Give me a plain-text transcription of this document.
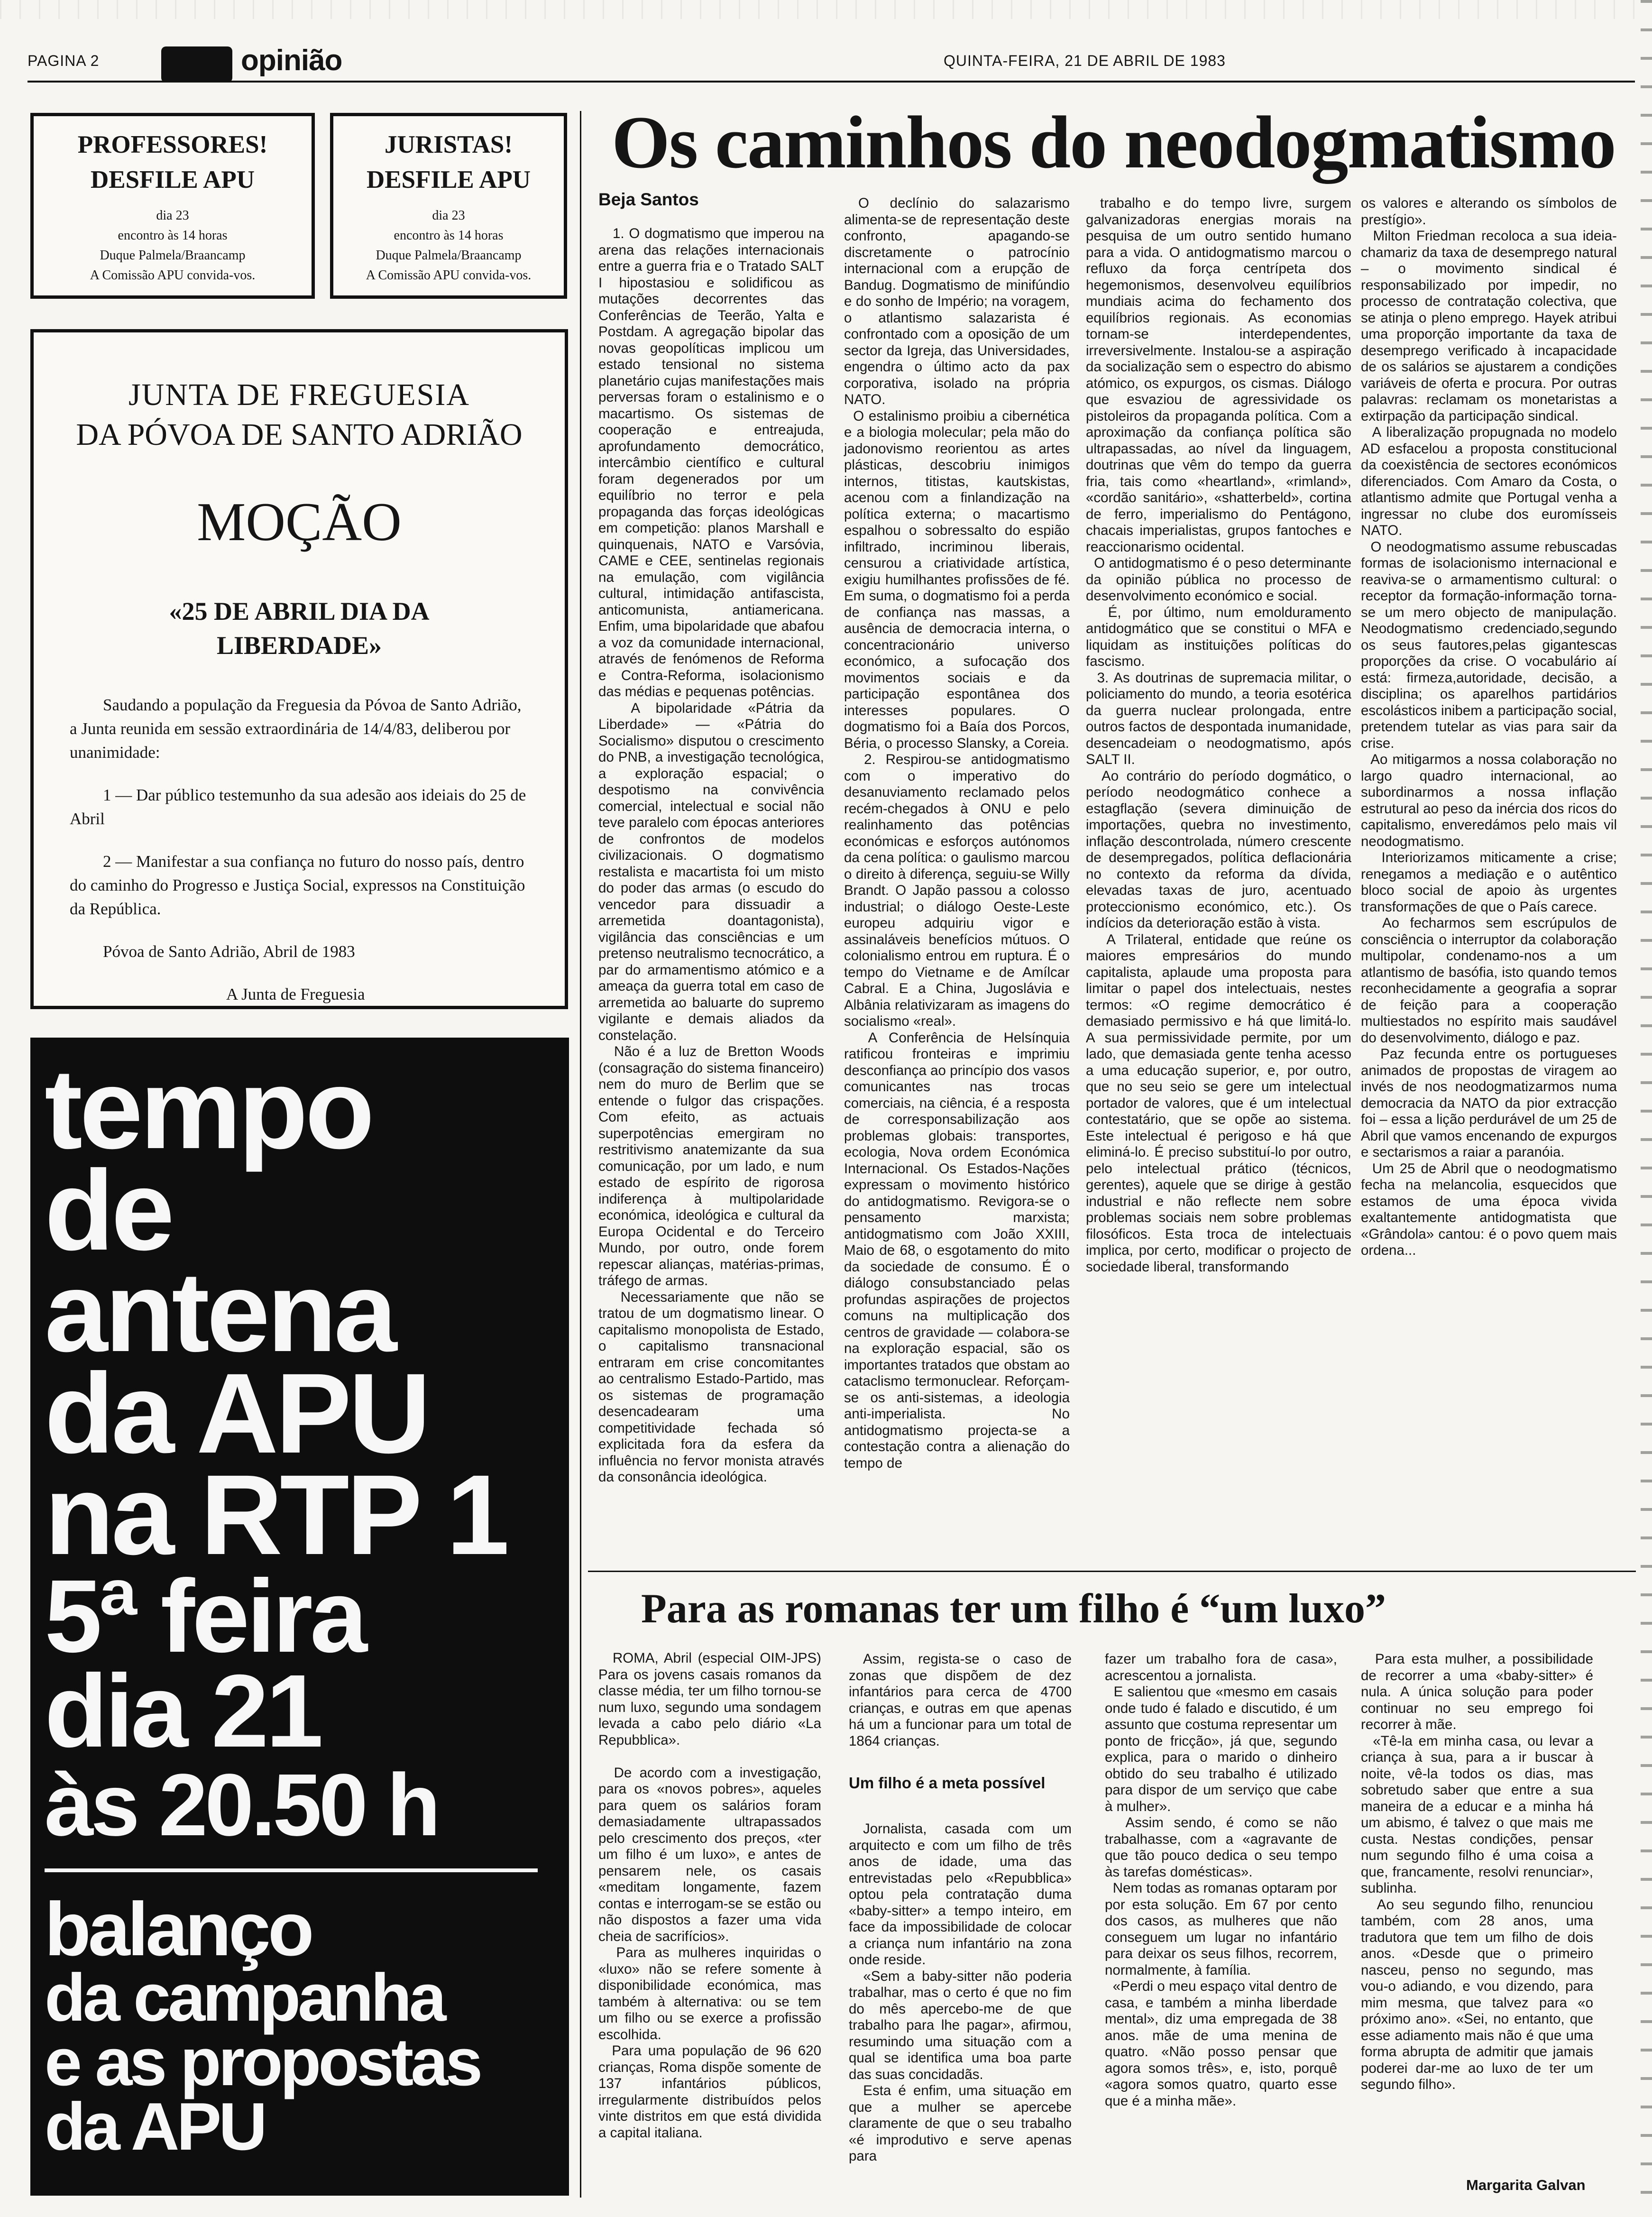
PAGINA 2	opinião	QUINTA-FEIRA, 21 DE ABRIL DE 1983

PROFESSORES!

DESFILE APU

dia 23

encontro às 14 horas

Duque Palmela/Braancamp

A Comissão APU convida-vos.

JURISTAS!

DESFILE APU

dia 23

encontro às 14 horas

Duque Palmela/Braancamp

A Comissão APU convida-vos.

JUNTA DE FREGUESIA

DA PÓVOA DE SANTO ADRIÃO

MOÇÃO

«25 DE ABRIL DIA DA

LIBERDADE»

Saudando a população da Freguesia da Póvoa de Santo Adrião, a Junta reunida em sessão extraordinária de 14/4/83, deliberou por unanimidade:

1 — Dar público testemunho da sua adesão aos ideiais do 25 de Abril

2 — Manifestar a sua confiança no futuro do nosso país, dentro do caminho do Progresso e Justiça Social, expressos na Constituição da República.

Póvoa de Santo Adrião, Abril de 1983

A Junta de Freguesia

tempo
de
antena
da APU
na RTP 1
5ª feira
dia 21
às 20.50 h
balanço
da campanha
e as propostas
da APU
Os caminhos do neodogmatismo
Beja Santos
1. O dogmatismo que imperou na arena das relações internacionais entre a guerra fria e o Tratado SALT I hipostasiou e solidificou as mutações decorrentes das Conferências de Teerão, Yalta e Postdam. A agregação bipolar das novas geopolíticas implicou um estado tensional no sistema planetário cujas manifestações mais perversas foram o estalinismo e o macartismo. Os sistemas de cooperação e entreajuda, aprofundamento democrático, intercâmbio científico e cultural foram degenerados por um equilíbrio no terror e pela propaganda das forças ideológicas em competição: planos Marshall e quinquenais, NATO e Varsóvia, CAME e CEE, sentinelas regionais na emulação, com vigilância cultural, intimidação antifascista, anticomunista, antiamericana. Enfim, uma bipolaridade que abafou a voz da comunidade internacional, através de fenómenos de Reforma e Contra-Reforma, isolacionismo das médias e pequenas potências.
A bipolaridade «Pátria da Liberdade» — «Pátria do Socialismo» disputou o crescimento do PNB, a investigação tecnológica, a exploração espacial; o despotismo na convivência comercial, intelectual e social não teve paralelo com épocas anteriores de confrontos de modelos civilizacionais. O dogmatismo restalista e macartista foi um misto do poder das armas (o escudo do vencedor para dissuadir a arremetida doantagonista), vigilância das consciências e um pretenso neutralismo tecnocrático, a par do armamentismo atómico e a ameaça da guerra total em caso de arremetida ao baluarte do supremo vigilante e demais aliados da constelação.
Não é a luz de Bretton Woods (consagração do sistema financeiro) nem do muro de Berlim que se entende o fulgor das crispações. Com efeito, as actuais superpotências emergiram no restritivismo anatemizante da sua comunicação, por um lado, e num estado de espírito de rigorosa indiferença à multipolaridade económica, ideológica e cultural da Europa Ocidental e do Terceiro Mundo, por outro, onde forem repescar alianças, matérias-primas, tráfego de armas.
Necessariamente que não se tratou de um dogmatismo linear. O capitalismo monopolista de Estado, o capitalismo transnacional entraram em crise concomitantes ao centralismo Estado-Partido, mas os sistemas de programação desencadearam uma competitividade fechada só explicitada fora da esfera da influência no fervor monista através da consonância ideológica.
O declínio do salazarismo alimenta-se de representação deste confronto, apagando-se discretamente o patrocínio internacional com a erupção de Bandug. Dogmatismo de minifúndio e do sonho de Império; na voragem, o atlantismo salazarista é confrontado com a oposição de um sector da Igreja, das Universidades, engendra o último acto da pax corporativa, isolado na própria NATO.
O estalinismo proibiu a cibernética e a biologia molecular; pela mão do jadonovismo reorientou as artes plásticas, descobriu inimigos internos, titistas, kautskistas, acenou com a finlandização na política externa; o macartismo espalhou o sobressalto do espião infiltrado, incriminou liberais, censurou a criatividade artística, exigiu humilhantes profissões de fé. Em suma, o dogmatismo foi a perda de confiança nas massas, a ausência de democracia interna, o concentracionário universo económico, a sufocação dos movimentos sociais e da participação espontânea dos interesses populares. O dogmatismo foi a Baía dos Porcos, Béria, o processo Slansky, a Coreia.
2. Respirou-se antidogmatismo com o imperativo do desanuviamento reclamado pelos recém-chegados à ONU e pelo realinhamento das potências económicas e esforços autónomos da cena política: o gaulismo marcou o direito à diferença, seguiu-se Willy Brandt. O Japão passou a colosso industrial; o diálogo Oeste-Leste europeu adquiriu vigor e assinaláveis benefícios mútuos. O colonialismo entrou em ruptura. É o tempo do Vietname e de Amílcar Cabral. E a China, Jugoslávia e Albânia relativizaram as imagens do socialismo «real».
A Conferência de Helsínquia ratificou fronteiras e imprimiu desconfiança ao princípio dos vasos comunicantes nas trocas comerciais, na ciência, é a resposta de corresponsabilização aos problemas globais: transportes, ecologia, Nova ordem Económica Internacional. Os Estados-Nações expressam o movimento histórico do antidogmatismo. Revigora-se o pensamento marxista; antidogmatismo com João XXIII, Maio de 68, o esgotamento do mito da sociedade de consumo. É o diálogo consubstanciado pelas profundas aspirações de projectos comuns na multiplicação dos centros de gravidade — colabora-se na exploração espacial, são os importantes tratados que obstam ao cataclismo termonuclear. Reforçam-se os anti-sistemas, a ideologia anti-imperialista. No antidogmatismo projecta-se a contestação contra a alienação do tempo de
trabalho e do tempo livre, surgem galvanizadoras energias morais na pesquisa de um outro sentido humano para a vida. O antidogmatismo marcou o refluxo da força centrípeta dos hegemonismos, desenvolveu equilíbrios mundiais acima do fechamento dos equilíbrios regionais. As economias tornam-se interdependentes, irreversivelmente. Instalou-se a aspiração da socialização sem o espectro do abismo atómico, os expurgos, os cismas. Diálogo que esvaziou de agressividade os pistoleiros da propaganda política. Com a aproximação da confiança política são ultrapassadas, ao nível da linguagem, doutrinas que vêm do tempo da guerra fria, tais como «heartland», «rimland», «cordão sanitário», «shatterbeld», cortina de ferro, imperialismo do Pentágono, chacais imperialistas, grupos fantoches e reaccionarismo ocidental.
O antidogmatismo é o peso determinante da opinião pública no processo de desenvolvimento económico e social.
É, por último, num emolduramento antidogmático que se constitui o MFA e liquidam as instituições políticas do fascismo.
3. As doutrinas de supremacia militar, o policiamento do mundo, a teoria esotérica da guerra nuclear prolongada, entre outros factos de despontada inumanidade, desencadeiam o neodogmatismo, após SALT II.
Ao contrário do período dogmático, o período neodogmático conhece a estagflação (severa diminuição de importações, quebra no investimento, inflação descontrolada, número crescente de desempregados, política deflacionária no contexto da reforma da dívida, elevadas taxas de juro, acentuado proteccionismo económico, etc.). Os indícios da deterioração estão à vista.
A Trilateral, entidade que reúne os maiores empresários do mundo capitalista, aplaude uma proposta para limitar o papel dos intelectuais, nestes termos: «O regime democrático é demasiado permissivo e há que limitá-lo. A sua permissividade permite, por um lado, que demasiada gente tenha acesso a uma educação superior, e, por outro, que no seu seio se gere um intelectual portador de valores, que é um intelectual contestatário, que se opõe ao sistema. Este intelectual é perigoso e há que eliminá-lo. É preciso substituí-lo por outro, pelo intelectual prático (técnicos, gerentes), aquele que se dirige à gestão industrial e não reflecte nem sobre problemas sociais nem sobre problemas filosóficos. Esta troca de intelectuais implica, por certo, modificar o projecto de sociedade liberal, transformando
os valores e alterando os símbolos de prestígio».
Milton Friedman recoloca a sua ideia-chamariz da taxa de desemprego natural – o movimento sindical é responsabilizado por impedir, no processo de contratação colectiva, que se atinja o pleno emprego. Hayek atribui uma proporção importante da taxa de desemprego verificado à incapacidade de os salários se ajustarem a condições variáveis de oferta e procura. Por outras palavras: reclamam os monetaristas a extirpação da participação sindical.
A liberalização propugnada no modelo AD esfacelou a proposta constitucional da coexistência de sectores económicos diferenciados. Com Amaro da Costa, o atlantismo admite que Portugal venha a ingressar no clube dos euromísseis NATO.
O neodogmatismo assume rebuscadas formas de isolacionismo internacional e reaviva-se o armamentismo cultural: o receptor da formação-informação torna-se um mero objecto de manipulação. Neodogmatismo credenciado,segundo os seus fautores,pelas gigantescas proporções da crise. O vocabulário aí está: firmeza,autoridade, decisão, a disciplina; os aparelhos partidários escolásticos inibem a participação social, pretendem tutelar as vias para sair da crise.
Ao mitigarmos a nossa colaboração no largo quadro internacional, ao subordinarmos a nossa inflação estrutural ao peso da inércia dos ricos do capitalismo, enveredámos pelo mais vil neodogmatismo.
Interiorizamos miticamente a crise; renegamos a mediação e o autêntico bloco social de apoio às urgentes transformações de que o País carece.
Ao fecharmos sem escrúpulos de consciência o interruptor da colaboração multipolar, condenamo-nos a um atlantismo de basófia, isto quando temos reconhecidamente a geografia a soprar de feição para a cooperação multiestados no espírito mais saudável do desenvolvimento, diálogo e paz.
Paz fecunda entre os portugueses animados de propostas de viragem ao invés de nos neodogmatizarmos numa democracia da NATO da pior extracção foi – essa a lição perdurável de um 25 de Abril que vamos encenando de expurgos e sectarismos a raiar a paranóia.
Um 25 de Abril que o neodogmatismo fecha na melancolia, esquecidos que estamos de uma época vivida exaltantemente antidogmatista que «Grândola» cantou: é o povo quem mais ordena...
Para as romanas ter um filho é “um luxo”
ROMA, Abril (especial OIM-JPS) Para os jovens casais romanos da classe média, ter um filho tornou-se num luxo, segundo uma sondagem levada a cabo pelo diário «La Repubblica».

De acordo com a investigação, para os «novos pobres», aqueles para quem os salários foram demasiadamente ultrapassados pelo crescimento dos preços, «ter um filho é um luxo», e antes de pensarem nele, os casais «meditam longamente, fazem contas e interrogam-se se estão ou não dispostos a fazer uma vida cheia de sacrifícios».
Para as mulheres inquiridas o «luxo» não se refere somente à disponibilidade económica, mas também à alternativa: ou se tem um filho ou se exerce a profissão escolhida.
Para uma população de 96 620 crianças, Roma dispõe somente de 137 infantários públicos, irregularmente distribuídos pelos vinte distritos em que está dividida a capital italiana.
Assim, regista-se o caso de zonas que dispõem de dez infantários para cerca de 4700 crianças, e outras em que apenas há um a funcionar para um total de 1864 crianças.
Um filho é a meta possível
Jornalista, casada com um arquitecto e com um filho de três anos de idade, uma das entrevistadas pelo «Repubblica» optou pela contratação duma «baby-sitter» a tempo inteiro, em face da impossibilidade de colocar a criança num infantário na zona onde reside.
«Sem a baby-sitter não poderia trabalhar, mas o certo é que no fim do mês apercebo-me de que trabalho para lhe pagar», afirmou, resumindo uma situação com a qual se identifica uma boa parte das suas concidadãs.
Esta é enfim, uma situação em que a mulher se apercebe claramente de que o seu trabalho «é improdutivo e serve apenas para
fazer um trabalho fora de casa», acrescentou a jornalista.
E salientou que «mesmo em casais onde tudo é falado e discutido, é um assunto que costuma representar um ponto de fricção», já que, segundo explica, para o marido o dinheiro obtido do seu trabalho é utilizado para dispor de um serviço que cabe à mulher».
Assim sendo, é como se não trabalhasse, com a «agravante de que tão pouco dedica o seu tempo às tarefas domésticas».
Nem todas as romanas optaram por por esta solução. Em 67 por cento dos casos, as mulheres que não conseguem um lugar no infantário para deixar os seus filhos, recorrem, normalmente, à família.
«Perdi o meu espaço vital dentro de casa, e também a minha liberdade mental», diz uma empregada de 38 anos. mãe de uma menina de quatro. «Não posso pensar que agora somos três», e, isto, porquê «agora somos quatro, quarto esse que é a minha mãe».
Para esta mulher, a possibilidade de recorrer a uma «baby-sitter» é nula. A única solução para poder continuar no seu emprego foi recorrer à mãe.
«Tê-la em minha casa, ou levar a criança à sua, para a ir buscar à noite, vê-la todos os dias, mas sobretudo saber que entre a sua maneira de a educar e a minha há um abismo, é talvez o que mais me custa. Nestas condições, pensar num segundo filho é uma coisa a que, francamente, resolvi renunciar», sublinha.
Ao seu segundo filho, renunciou também, com 28 anos, uma tradutora que tem um filho de dois anos. «Desde que o primeiro nasceu, penso no segundo, mas vou-o adiando, e vou dizendo, para mim mesma, que talvez para «o próximo ano». «Sei, no entanto, que esse adiamento mais não é que uma forma abrupta de admitir que jamais poderei dar-me ao luxo de ter um segundo filho».
Margarita Galvan
